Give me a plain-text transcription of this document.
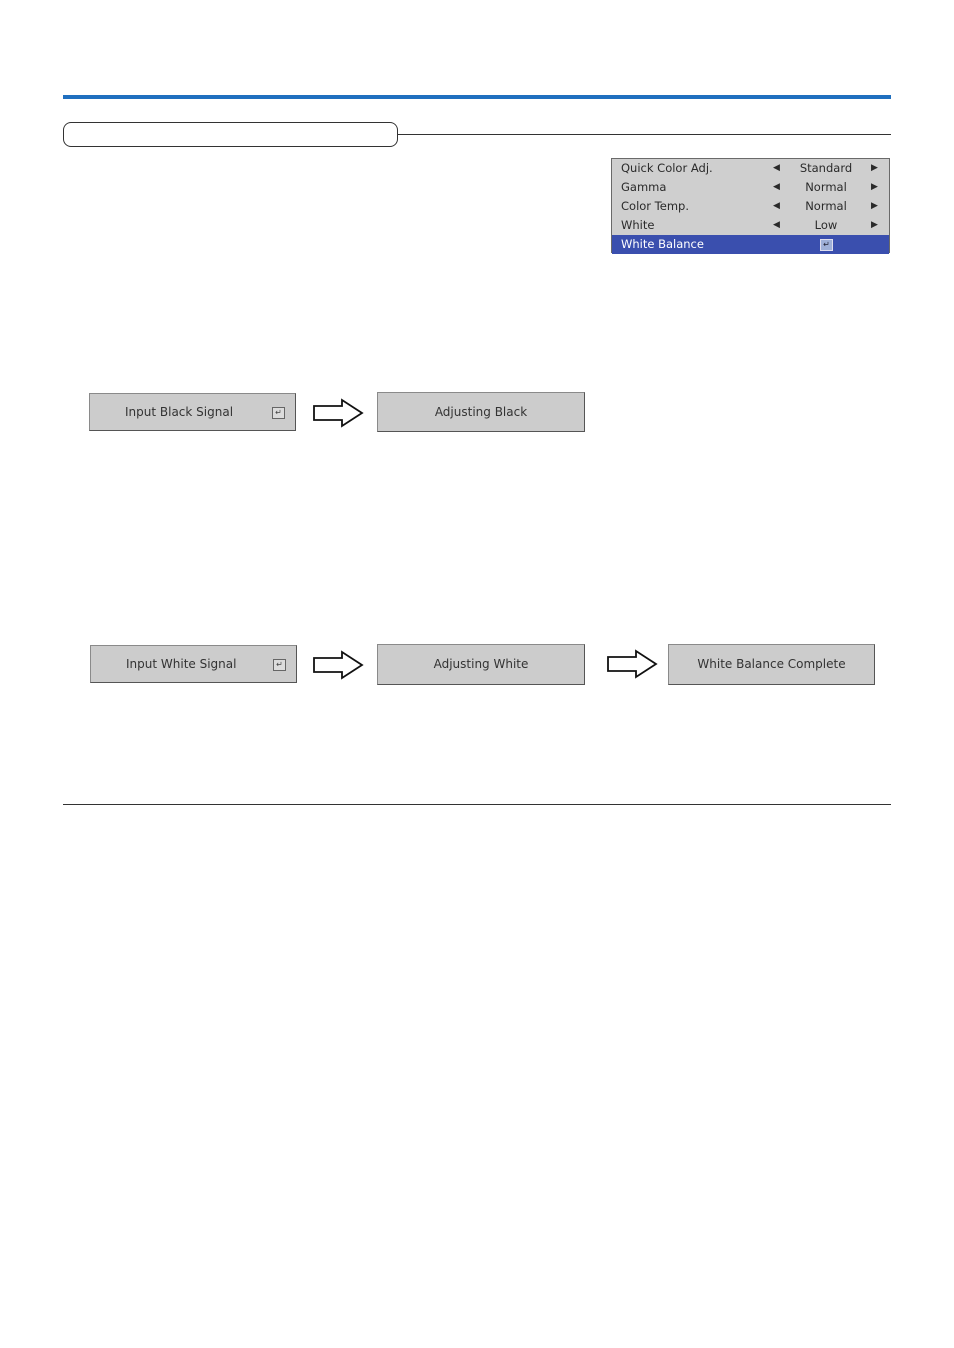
Quick Color Adj.	◀	Standard	▶
Gamma	◀	Normal	▶
Color Temp.	◀	Normal	▶
White	◀	Low	▶
White Balance	↵
Input Black Signal	↵	Adjusting Black
Input White Signal	↵	Adjusting White	White Balance Complete
